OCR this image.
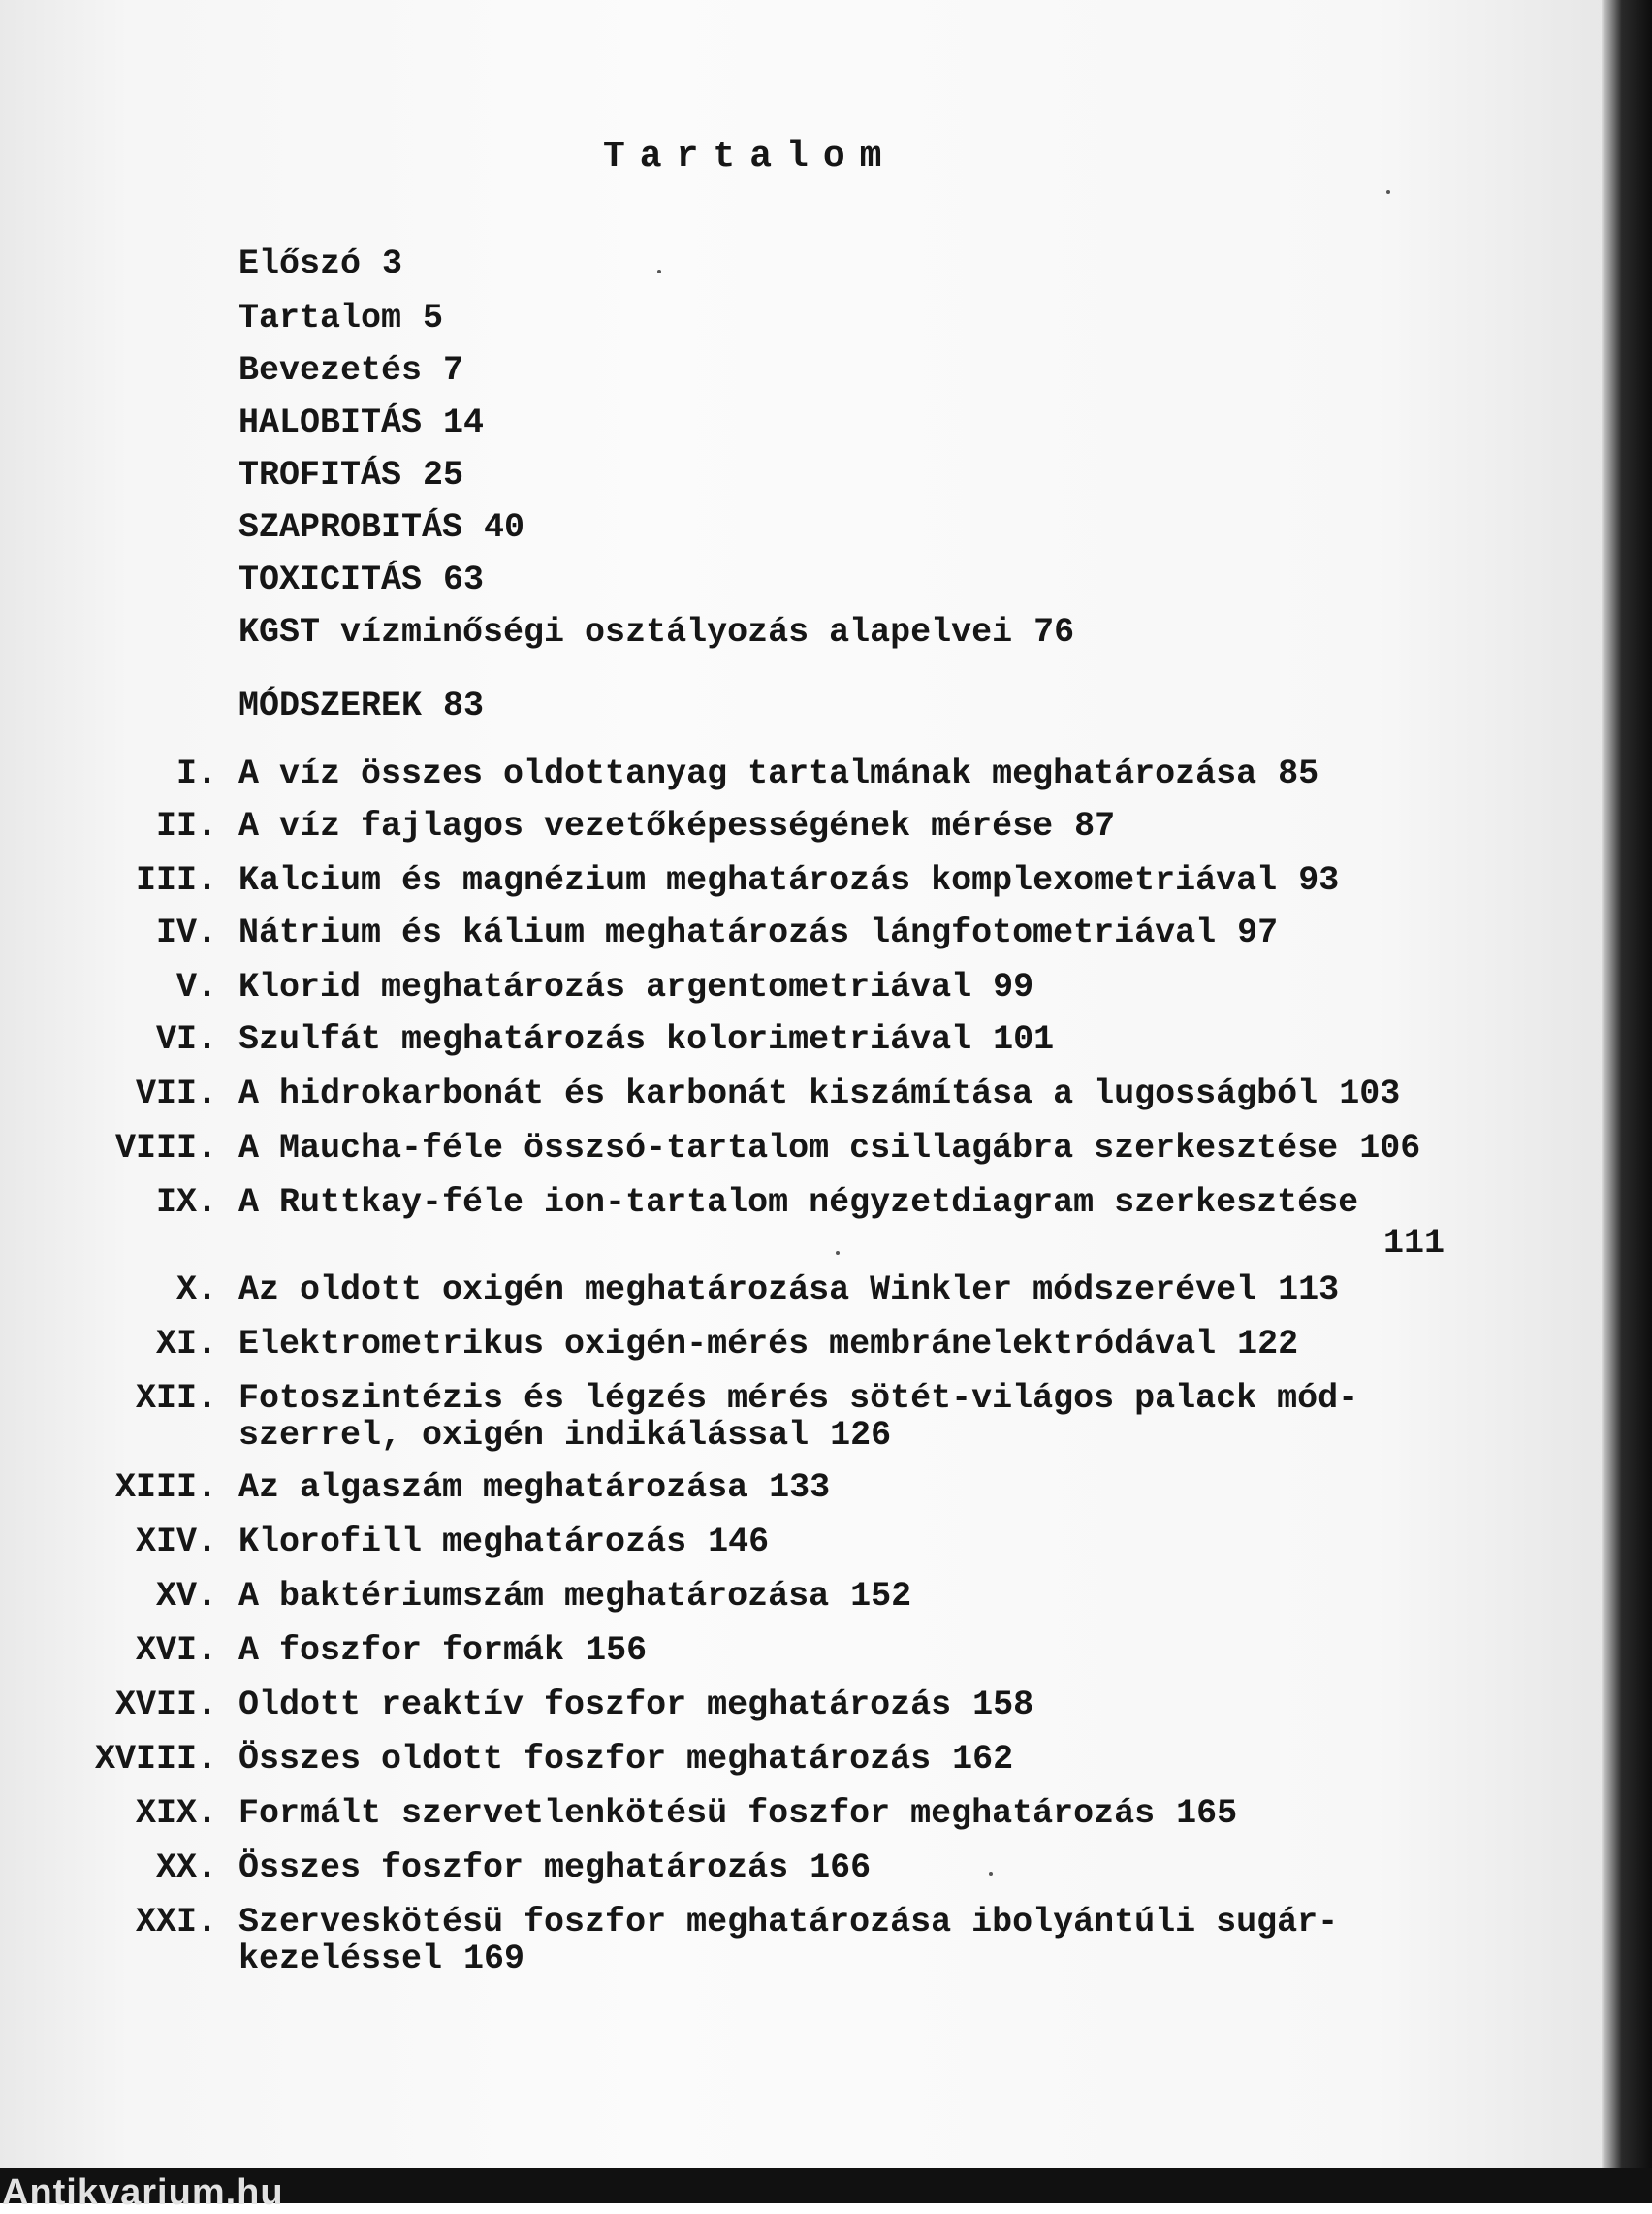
Tartalom
Előszó 3
Tartalom 5
Bevezetés 7
HALOBITÁS 14
TROFITÁS 25
SZAPROBITÁS 40
TOXICITÁS 63
KGST vízminőségi osztályozás alapelvei 76
MÓDSZEREK 83
I. A víz összes oldottanyag tartalmának meghatározása 85
II. A víz fajlagos vezetőképességének mérése 87
III. Kalcium és magnézium meghatározás komplexometriával 93
IV. Nátrium és kálium meghatározás lángfotometriával 97
V. Klorid meghatározás argentometriával 99
VI. Szulfát meghatározás kolorimetriával 101
VII. A hidrokarbonát és karbonát kiszámítása a lugosságból 103
VIII. A Maucha-féle összsó-tartalom csillagábra szerkesztése 106
IX. A Ruttkay-féle ion-tartalom négyzetdiagram szerkesztése
111
X. Az oldott oxigén meghatározása Winkler módszerével 113
XI. Elektrometrikus oxigén-mérés membránelektródával 122
XII. Fotoszintézis és légzés mérés sötét-világos palack mód-
szerrel, oxigén indikálással 126
XIII. Az algaszám meghatározása 133
XIV. Klorofill meghatározás 146
XV. A baktériumszám meghatározása 152
XVI. A foszfor formák 156
XVII. Oldott reaktív foszfor meghatározás 158
XVIII. Összes oldott foszfor meghatározás 162
XIX. Formált szervetlenkötésü foszfor meghatározás 165
XX. Összes foszfor meghatározás 166
XXI. Szerveskötésü foszfor meghatározása ibolyántúli sugár-
kezeléssel 169
Antikvarium.hu
